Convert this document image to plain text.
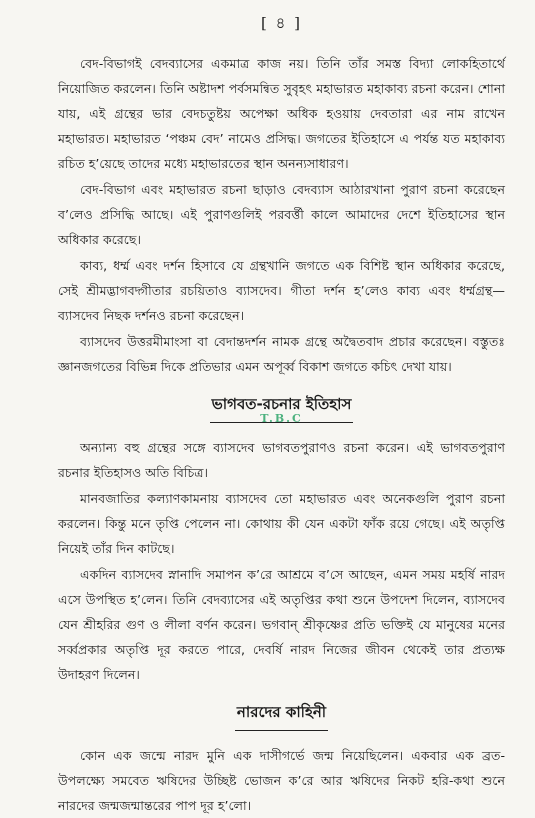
[ ৪ ]

বেদ-বিভাগই বেদব্যাসের একমাত্র কাজ নয়। তিনি তাঁর সমস্ত বিদ্যা লোকহিতার্থে নিয়োজিত করলেন। তিনি অষ্টাদশ পর্বসমন্বিত সুবৃহৎ মহাভারত মহাকাব্য রচনা করেন। শোনা যায়, এই গ্রন্থের ভার বেদচতুষ্টয় অপেক্ষা অধিক হওয়ায় দেবতারা এর নাম রাখেন মহাভারত। মহাভারত ‘পঞ্চম বেদ’ নামেও প্রসিদ্ধ। জগতের ইতিহাসে এ পর্যন্ত যত মহাকাব্য রচিত হ’য়েছে তাদের মধ্যে মহাভারতের স্থান অনন্যসাধারণ।

বেদ-বিভাগ এবং মহাভারত রচনা ছাড়াও বেদব্যাস আঠারখানা পুরাণ রচনা করেছেন ব’লেও প্রসিদ্ধি আছে। এই পুরাণগুলিই পরবর্ত্তী কালে আমাদের দেশে ইতিহাসের স্থান অধিকার করেছে।

কাব্য, ধর্ম্ম এবং দর্শন হিসাবে যে গ্রন্থখানি জগতে এক বিশিষ্ট স্থান অধিকার করেছে, সেই শ্রীমদ্ভাগবদ্গীতার রচয়িতাও ব্যাসদেব। গীতা দর্শন হ’লেও কাব্য এবং ধর্ম্মগ্রন্থ—ব্যাসদেব নিছক দর্শনও রচনা করেছেন।

ব্যাসদেব উত্তরমীমাংসা বা বেদান্তদর্শন নামক গ্রন্থে অদ্বৈতবাদ প্রচার করেছেন। বস্তুতঃ জ্ঞানজগতের বিভিন্ন দিকে প্রতিভার এমন অপূর্ব্ব বিকাশ জগতে কচিৎ দেখা যায়।

ভাগবত-রচনার ইতিহাস
T.B.C

অন্যান্য বহু গ্রন্থের সঙ্গে ব্যাসদেব ভাগবতপুরাণও রচনা করেন। এই ভাগবতপুরাণ রচনার ইতিহাসও অতি বিচিত্র।

মানবজাতির কল্যাণকামনায় ব্যাসদেব তো মহাভারত এবং অনেকগুলি পুরাণ রচনা করলেন। কিন্তু মনে তৃপ্তি পেলেন না। কোথায় কী যেন একটা ফাঁক রয়ে গেছে। এই অতৃপ্তি নিয়েই তাঁর দিন কাটছে।

একদিন ব্যাসদেব স্নানাদি সমাপন ক’রে আশ্রমে ব’সে আছেন, এমন সময় মহর্ষি নারদ এসে উপস্থিত হ’লেন। তিনি বেদব্যাসের এই অতৃপ্তির কথা শুনে উপদেশ দিলেন, ব্যাসদেব যেন শ্রীহরির গুণ ও লীলা বর্ণন করেন। ভগবান্ শ্রীকৃষ্ণের প্রতি ভক্তিই যে মানুষের মনের সর্ব্বপ্রকার অতৃপ্তি দূর করতে পারে, দেবর্ষি নারদ নিজের জীবন থেকেই তার প্রত্যক্ষ উদাহরণ দিলেন।

নারদের কাহিনী

কোন এক জন্মে নারদ মুনি এক দাসীগর্ভে জন্ম নিয়েছিলেন। একবার এক ব্রত-উপলক্ষ্যে সমবেত ঋষিদের উচ্ছিষ্ট ভোজন ক’রে আর ঋষিদের নিকট হরি-কথা শুনে নারদের জন্মজন্মান্তরের পাপ দূর হ’লো।
